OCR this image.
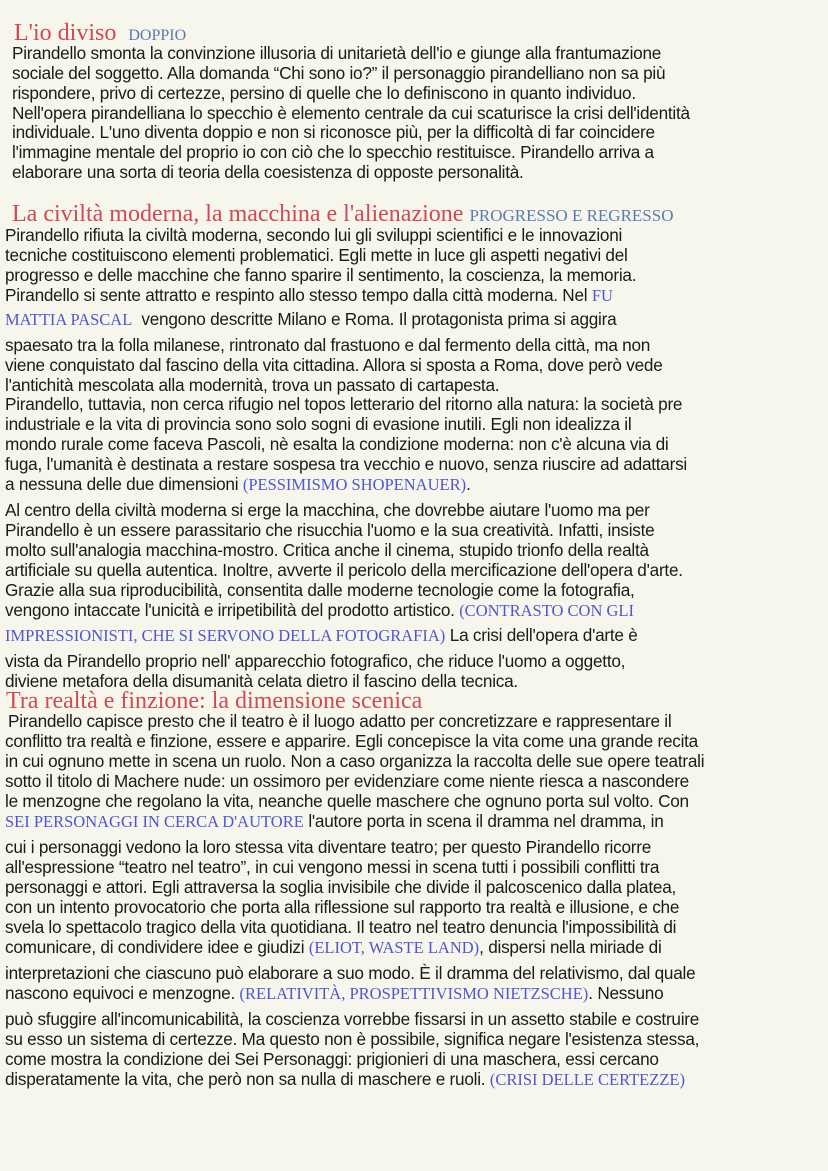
L'io diviso DOPPIO
Pirandello smonta la convinzione illusoria di unitarietà dell'io e giunge alla frantumazione
sociale del soggetto. Alla domanda “Chi sono io?” il personaggio pirandelliano non sa più
rispondere, privo di certezze, persino di quelle che lo definiscono in quanto individuo.
Nell'opera pirandelliana lo specchio è elemento centrale da cui scaturisce la crisi dell'identità
individuale. L'uno diventa doppio e non si riconosce più, per la difficoltà di far coincidere
l'immagine mentale del proprio io con ciò che lo specchio restituisce. Pirandello arriva a
elaborare una sorta di teoria della coesistenza di opposte personalità.
La civiltà moderna, la macchina e l'alienazione PROGRESSO E REGRESSO
Pirandello rifiuta la civiltà moderna, secondo lui gli sviluppi scientifici e le innovazioni
tecniche costituiscono elementi problematici. Egli mette in luce gli aspetti negativi del
progresso e delle macchine che fanno sparire il sentimento, la coscienza, la memoria.
Pirandello si sente attratto e respinto allo stesso tempo dalla città moderna. Nel FU
MATTIA PASCAL vengono descritte Milano e Roma. Il protagonista prima si aggira
spaesato tra la folla milanese, rintronato dal frastuono e dal fermento della città, ma non
viene conquistato dal fascino della vita cittadina. Allora si sposta a Roma, dove però vede
l'antichità mescolata alla modernità, trova un passato di cartapesta.
Pirandello, tuttavia, non cerca rifugio nel topos letterario del ritorno alla natura: la società pre
industriale e la vita di provincia sono solo sogni di evasione inutili. Egli non idealizza il
mondo rurale come faceva Pascoli, nè esalta la condizione moderna: non c'è alcuna via di
fuga, l'umanità è destinata a restare sospesa tra vecchio e nuovo, senza riuscire ad adattarsi
a nessuna delle due dimensioni (PESSIMISMO SHOPENAUER).
Al centro della civiltà moderna si erge la macchina, che dovrebbe aiutare l'uomo ma per
Pirandello è un essere parassitario che risucchia l'uomo e la sua creatività. Infatti, insiste
molto sull'analogia macchina-mostro. Critica anche il cinema, stupido trionfo della realtà
artificiale su quella autentica. Inoltre, avverte il pericolo della mercificazione dell'opera d'arte.
Grazie alla sua riproducibilità, consentita dalle moderne tecnologie come la fotografia,
vengono intaccate l'unicità e irripetibilità del prodotto artistico. (CONTRASTO CON GLI
IMPRESSIONISTI, CHE SI SERVONO DELLA FOTOGRAFIA) La crisi dell'opera d'arte è
vista da Pirandello proprio nell' apparecchio fotografico, che riduce l'uomo a oggetto,
diviene metafora della disumanità celata dietro il fascino della tecnica.
Tra realtà e finzione: la dimensione scenica
Pirandello capisce presto che il teatro è il luogo adatto per concretizzare e rappresentare il
conflitto tra realtà e finzione, essere e apparire. Egli concepisce la vita come una grande recita
in cui ognuno mette in scena un ruolo. Non a caso organizza la raccolta delle sue opere teatrali
sotto il titolo di Machere nude: un ossimoro per evidenziare come niente riesca a nascondere
le menzogne che regolano la vita, neanche quelle maschere che ognuno porta sul volto. Con
SEI PERSONAGGI IN CERCA D'AUTORE l'autore porta in scena il dramma nel dramma, in
cui i personaggi vedono la loro stessa vita diventare teatro; per questo Pirandello ricorre
all'espressione “teatro nel teatro”, in cui vengono messi in scena tutti i possibili conflitti tra
personaggi e attori. Egli attraversa la soglia invisibile che divide il palcoscenico dalla platea,
con un intento provocatorio che porta alla riflessione sul rapporto tra realtà e illusione, e che
svela lo spettacolo tragico della vita quotidiana. Il teatro nel teatro denuncia l'impossibilità di
comunicare, di condividere idee e giudizi (ELIOT, WASTE LAND), dispersi nella miriade di
interpretazioni che ciascuno può elaborare a suo modo. È il dramma del relativismo, dal quale
nascono equivoci e menzogne. (RELATIVITÀ, PROSPETTIVISMO NIETZSCHE). Nessuno
può sfuggire all'incomunicabilità, la coscienza vorrebbe fissarsi in un assetto stabile e costruire
su esso un sistema di certezze. Ma questo non è possibile, significa negare l'esistenza stessa,
come mostra la condizione dei Sei Personaggi: prigionieri di una maschera, essi cercano
disperatamente la vita, che però non sa nulla di maschere e ruoli. (CRISI DELLE CERTEZZE)
